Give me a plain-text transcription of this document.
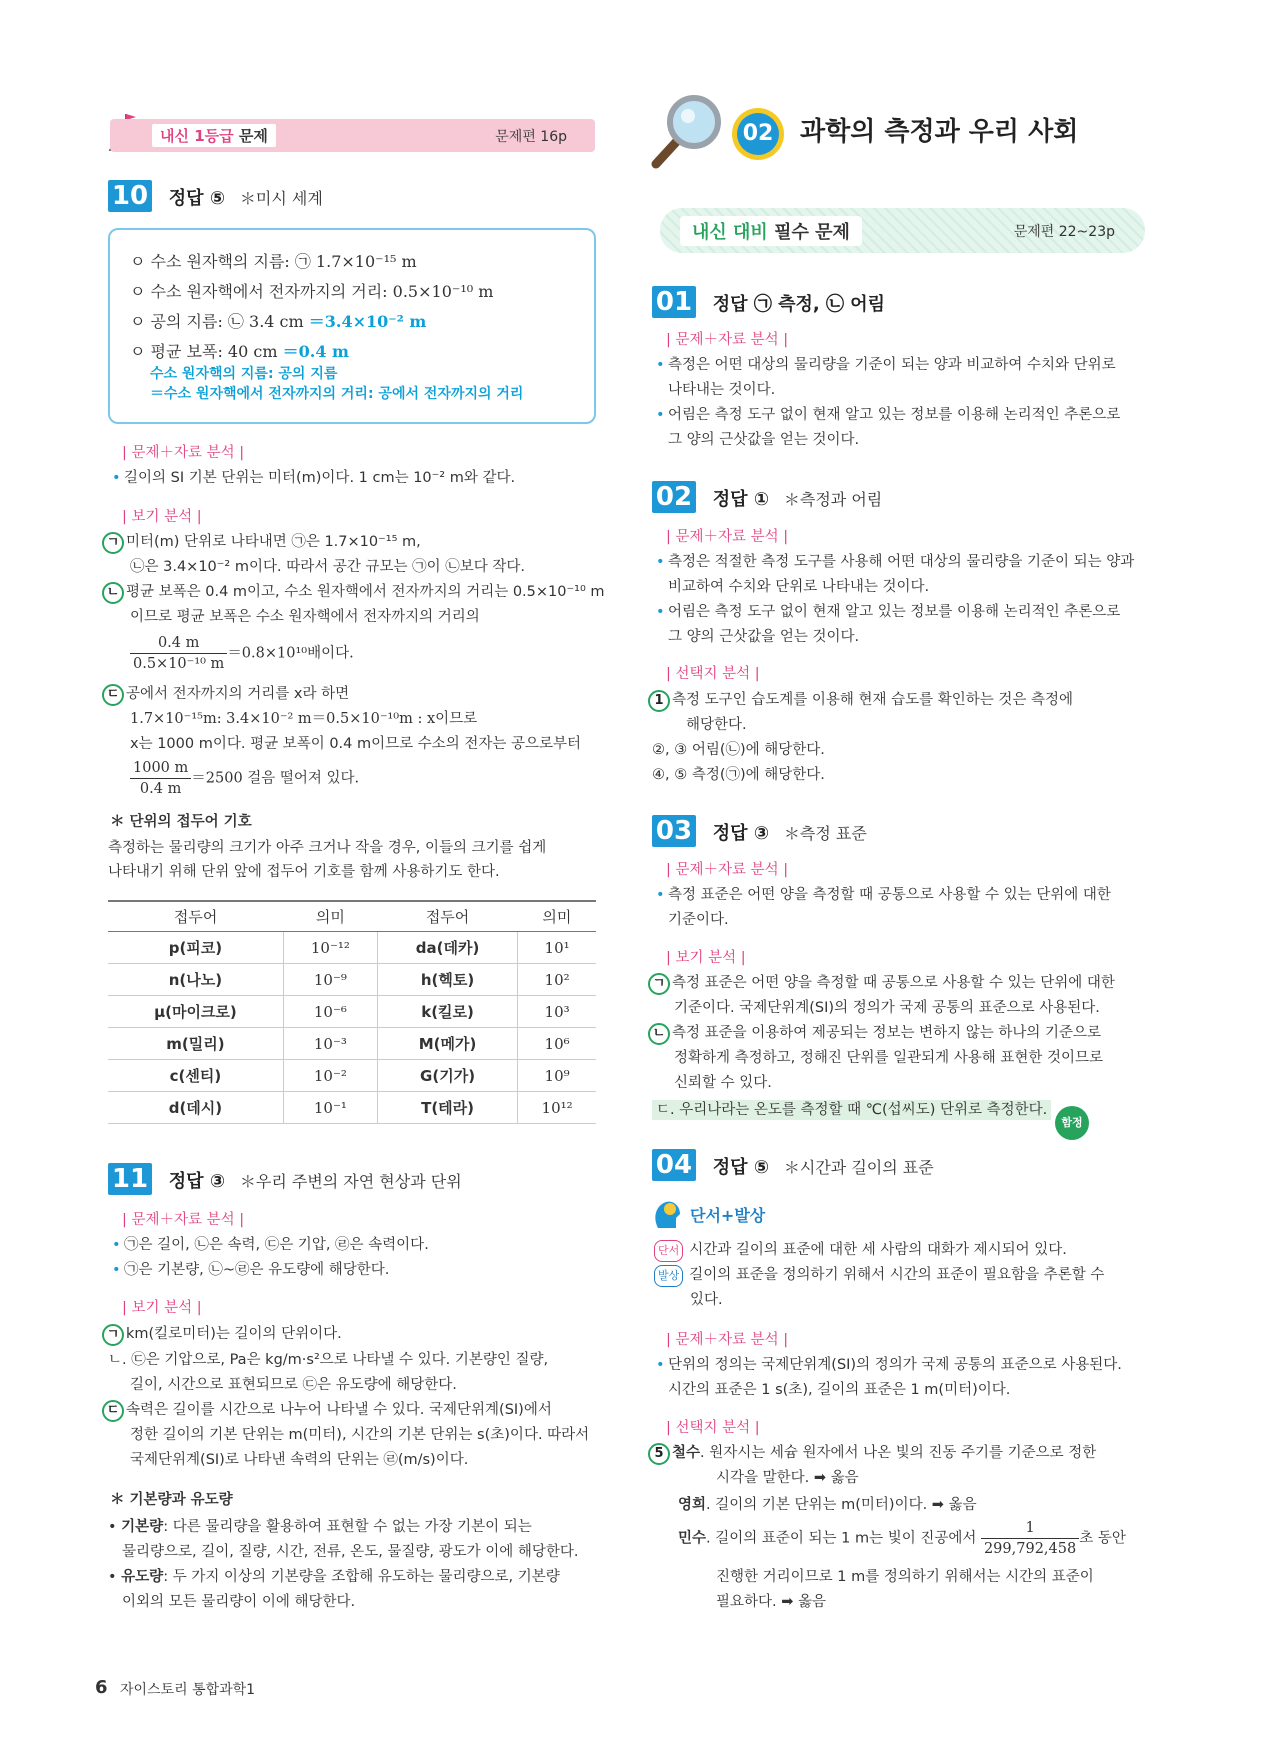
내신 1등급 문제	문제편 16p
10 정답 ⑤ ＊미시 세계
ㅇ 수소 원자핵의 지름: ㉠ 1.7×10⁻¹⁵ m
ㅇ 수소 원자핵에서 전자까지의 거리: 0.5×10⁻¹⁰ m
ㅇ 공의 지름: ㉡ 3.4 cm ＝3.4×10⁻² m
ㅇ 평균 보폭: 40 cm ＝0.4 m
수소 원자핵의 지름: 공의 지름
＝수소 원자핵에서 전자까지의 거리: 공에서 전자까지의 거리
| 문제＋자료 분석 |
• 길이의 SI 기본 단위는 미터(m)이다. 1 cm는 10⁻² m와 같다.
| 보기 분석 |
ㄱ 미터(m) 단위로 나타내면 ㉠은 1.7×10⁻¹⁵ m,
㉡은 3.4×10⁻² m이다. 따라서 공간 규모는 ㉠이 ㉡보다 작다.
ㄴ 평균 보폭은 0.4 m이고, 수소 원자핵에서 전자까지의 거리는 0.5×10⁻¹⁰ m
이므로 평균 보폭은 수소 원자핵에서 전자까지의 거리의
$\frac{0.4 m}{\text{0.5×10⁻¹⁰ m}} =0.8\times 10^{10}$배이다.
ㄷ 공에서 전자까지의 거리를 x라 하면
1.7×10⁻¹⁵m: 3.4×10⁻² m＝0.5×10⁻¹⁰m : x이므로
x는 1000 m이다. 평균 보폭이 0.4 m이므로 수소의 전자는 공으로부터
$\frac{1000 m}{0.4 m} =2500$ 걸음 떨어져 있다.
＊ 단위의 접두어 기호
측정하는 물리량의 크기가 아주 크거나 작을 경우, 이들의 크기를 쉽게
나타내기 위해 단위 앞에 접두어 기호를 함께 사용하기도 한다.
접두어	의미	접두어	의미
p(피코)	10⁻¹²	da(데카)	10¹
n(나노)	10⁻⁹	h(헥토)	10²
μ(마이크로)	10⁻⁶	k(킬로)	10³
m(밀리)	10⁻³	M(메가)	10⁶
c(센티)	10⁻²	G(기가)	10⁹
d(데시)	10⁻¹	T(테라)	10¹²
11 정답 ③ ＊우리 주변의 자연 현상과 단위
| 문제＋자료 분석 |
• ㉠은 길이, ㉡은 속력, ㉢은 기압, ㉣은 속력이다.
• ㉠은 기본량, ㉡~㉣은 유도량에 해당한다.
| 보기 분석 |
ㄱ km(킬로미터)는 길이의 단위이다.
ㄴ. ㉢은 기압으로, Pa은 kg/m·s²으로 나타낼 수 있다. 기본량인 질량,
길이, 시간으로 표현되므로 ㉢은 유도량에 해당한다.
ㄷ 속력은 길이를 시간으로 나누어 나타낼 수 있다. 국제단위계(SI)에서
정한 길이의 기본 단위는 m(미터), 시간의 기본 단위는 s(초)이다. 따라서
국제단위계(SI)로 나타낸 속력의 단위는 ㉣(m/s)이다.
＊ 기본량과 유도량
• 기본량: 다른 물리량을 활용하여 표현할 수 없는 가장 기본이 되는
물리량으로, 길이, 질량, 시간, 전류, 온도, 물질량, 광도가 이에 해당한다.
• 유도량: 두 가지 이상의 기본량을 조합해 유도하는 물리량으로, 기본량
이외의 모든 물리량이 이에 해당한다.
6 자이스토리 통합과학1
02 과학의 측정과 우리 사회
내신 대비 필수 문제	문제편 22~23p
01 정답 ㉠ 측정, ㉡ 어림
| 문제＋자료 분석 |
• 측정은 어떤 대상의 물리량을 기준이 되는 양과 비교하여 수치와 단위로
나타내는 것이다.
• 어림은 측정 도구 없이 현재 알고 있는 정보를 이용해 논리적인 추론으로
그 양의 근삿값을 얻는 것이다.
02 정답 ① ＊측정과 어림
| 문제＋자료 분석 |
• 측정은 적절한 측정 도구를 사용해 어떤 대상의 물리량을 기준이 되는 양과
비교하여 수치와 단위로 나타내는 것이다.
• 어림은 측정 도구 없이 현재 알고 있는 정보를 이용해 논리적인 추론으로
그 양의 근삿값을 얻는 것이다.
| 선택지 분석 |
1 측정 도구인 습도계를 이용해 현재 습도를 확인하는 것은 측정에
해당한다.
②, ③ 어림(㉡)에 해당한다.
④, ⑤ 측정(㉠)에 해당한다.
03 정답 ③ ＊측정 표준
| 문제＋자료 분석 |
• 측정 표준은 어떤 양을 측정할 때 공통으로 사용할 수 있는 단위에 대한
기준이다.
| 보기 분석 |
ㄱ 측정 표준은 어떤 양을 측정할 때 공통으로 사용할 수 있는 단위에 대한
기준이다. 국제단위계(SI)의 정의가 국제 공통의 표준으로 사용된다.
ㄴ 측정 표준을 이용하여 제공되는 정보는 변하지 않는 하나의 기준으로
정확하게 측정하고, 정해진 단위를 일관되게 사용해 표현한 것이므로
신뢰할 수 있다.
ㄷ. 우리나라는 온도를 측정할 때 ℃(섭씨도) 단위로 측정한다.
함정
04 정답 ⑤ ＊시간과 길이의 표준
단서+발상
단서 시간과 길이의 표준에 대한 세 사람의 대화가 제시되어 있다.
발상 길이의 표준을 정의하기 위해서 시간의 표준이 필요함을 추론할 수
있다.
| 문제＋자료 분석 |
• 단위의 정의는 국제단위계(SI)의 정의가 국제 공통의 표준으로 사용된다.
시간의 표준은 1 s(초), 길이의 표준은 1 m(미터)이다.
| 선택지 분석 |
5 철수. 원자시는 세슘 원자에서 나온 빛의 진동 주기를 기준으로 정한
시각을 말한다. ➡ 옳음
영희. 길이의 기본 단위는 m(미터)이다. ➡ 옳음
민수. 길이의 표준이 되는 1 m는 빛이 진공에서 $\frac{1}{299,792,458}$ 초 동안
진행한 거리이므로 1 m를 정의하기 위해서는 시간의 표준이
필요하다. ➡ 옳음
